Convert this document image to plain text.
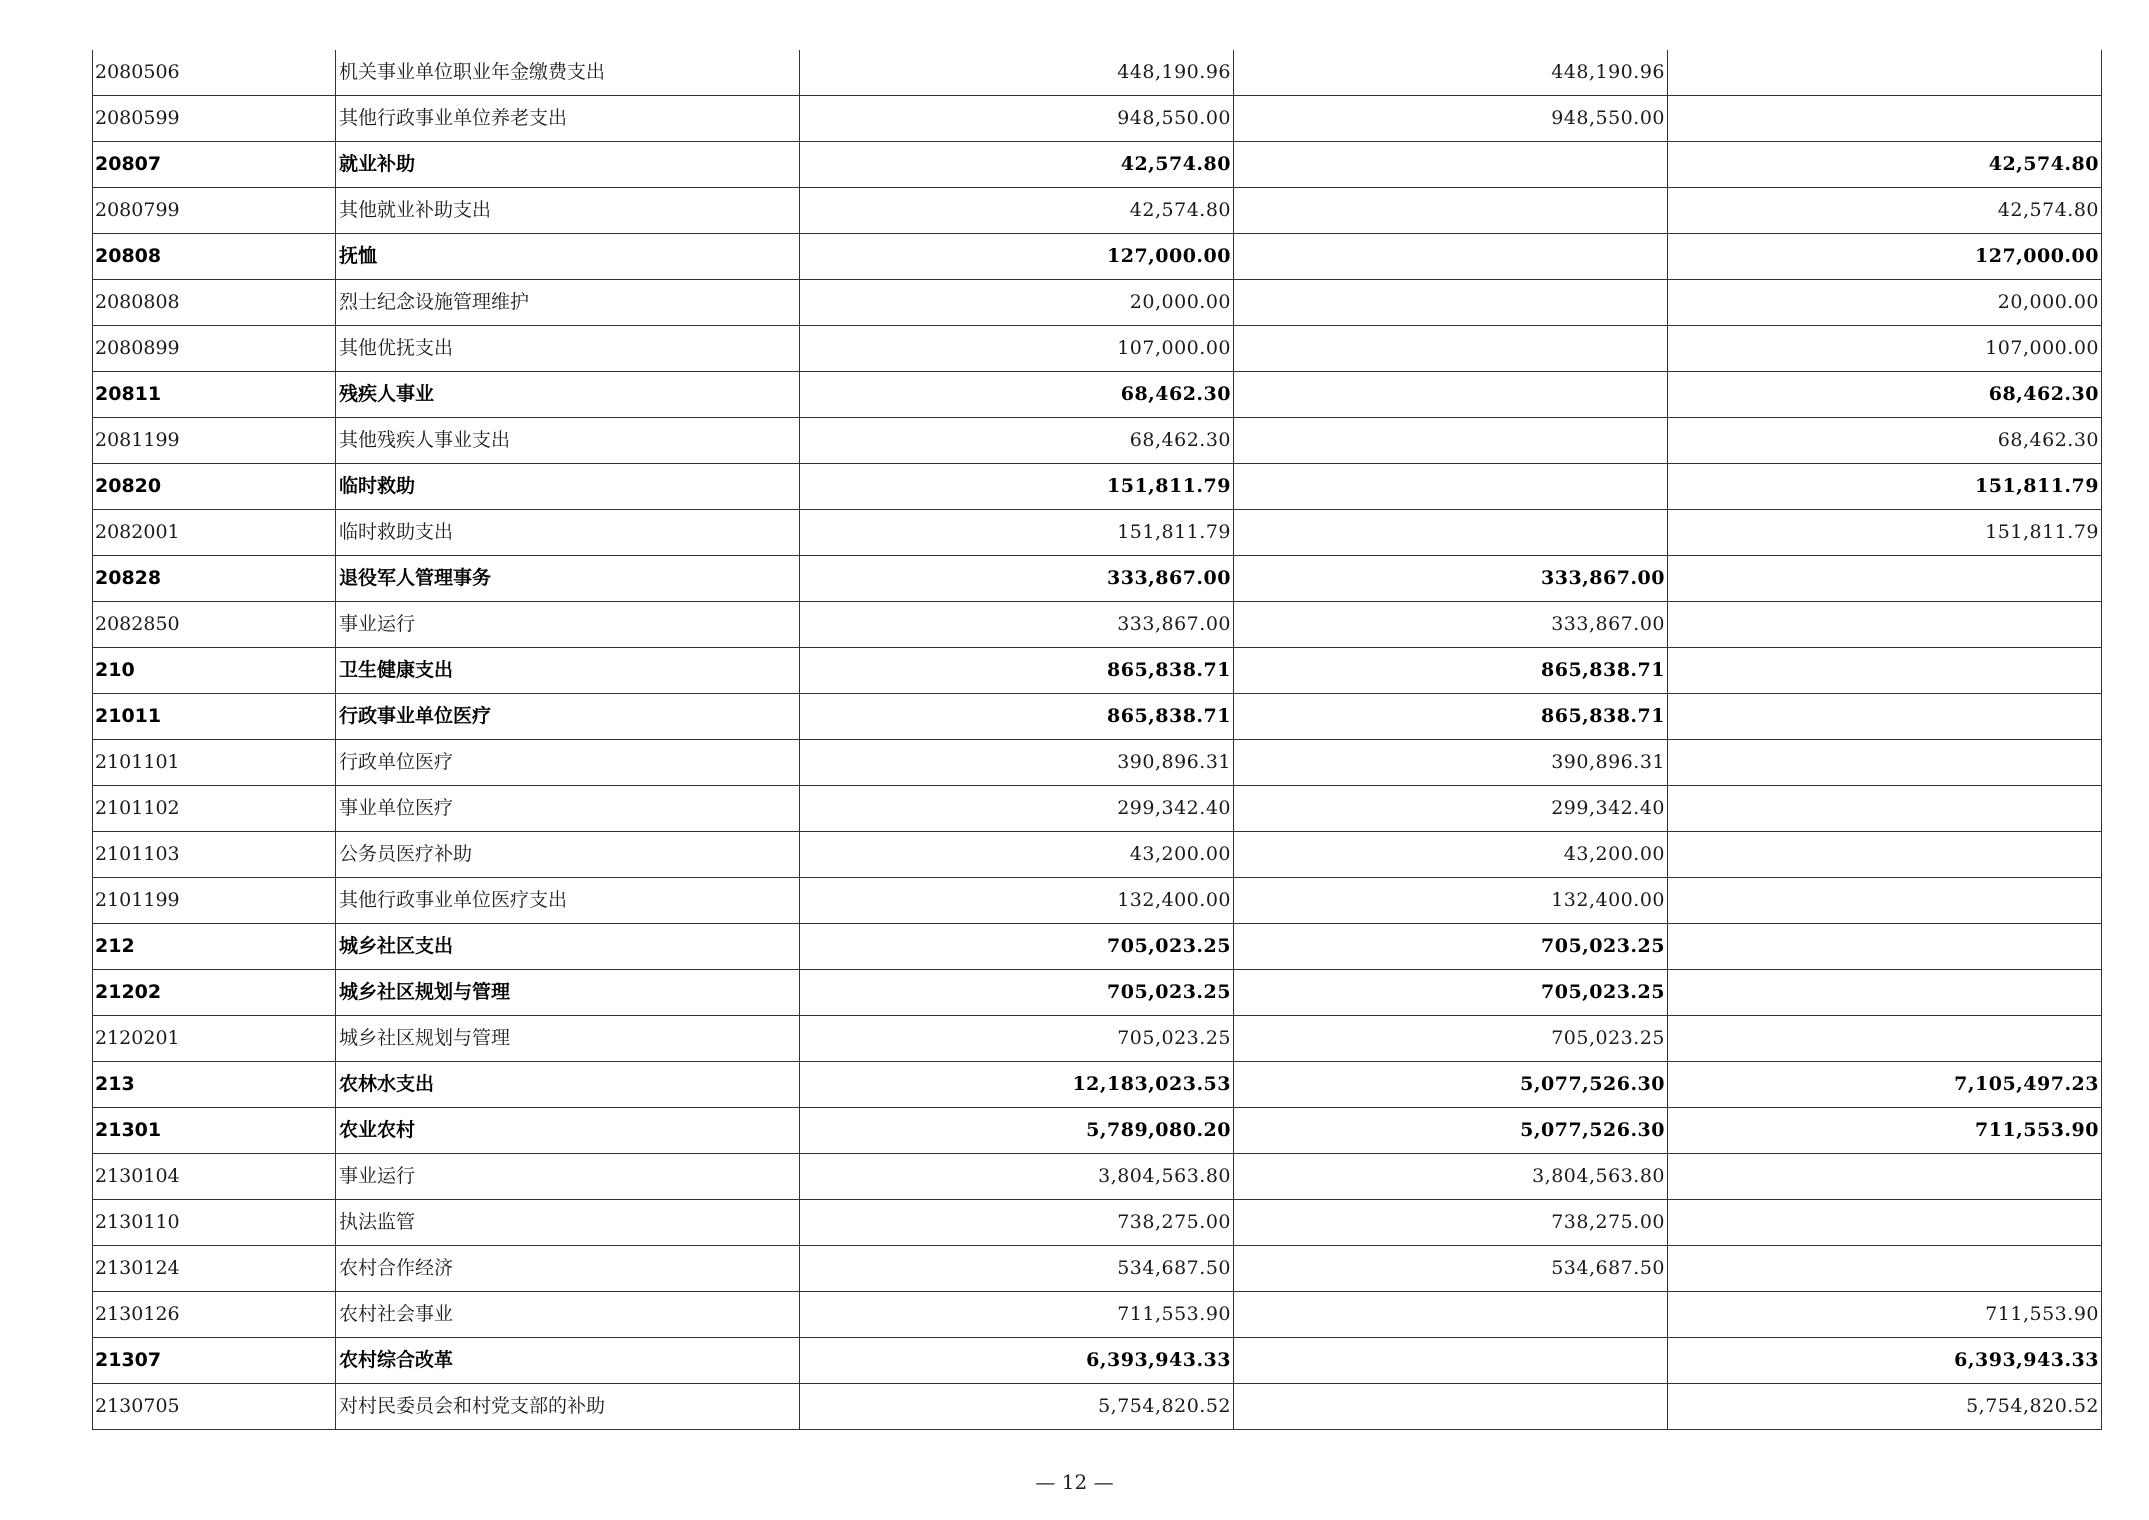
2080506	机关事业单位职业年金缴费支出	448,190.96	448,190.96	
2080599	其他行政事业单位养老支出	948,550.00	948,550.00	
20807	就业补助	42,574.80		42,574.80
2080799	其他就业补助支出	42,574.80		42,574.80
20808	抚恤	127,000.00		127,000.00
2080808	烈士纪念设施管理维护	20,000.00		20,000.00
2080899	其他优抚支出	107,000.00		107,000.00
20811	残疾人事业	68,462.30		68,462.30
2081199	其他残疾人事业支出	68,462.30		68,462.30
20820	临时救助	151,811.79		151,811.79
2082001	临时救助支出	151,811.79		151,811.79
20828	退役军人管理事务	333,867.00	333,867.00	
2082850	事业运行	333,867.00	333,867.00	
210	卫生健康支出	865,838.71	865,838.71	
21011	行政事业单位医疗	865,838.71	865,838.71	
2101101	行政单位医疗	390,896.31	390,896.31	
2101102	事业单位医疗	299,342.40	299,342.40	
2101103	公务员医疗补助	43,200.00	43,200.00	
2101199	其他行政事业单位医疗支出	132,400.00	132,400.00	
212	城乡社区支出	705,023.25	705,023.25	
21202	城乡社区规划与管理	705,023.25	705,023.25	
2120201	城乡社区规划与管理	705,023.25	705,023.25	
213	农林水支出	12,183,023.53	5,077,526.30	7,105,497.23
21301	农业农村	5,789,080.20	5,077,526.30	711,553.90
2130104	事业运行	3,804,563.80	3,804,563.80	
2130110	执法监管	738,275.00	738,275.00	
2130124	农村合作经济	534,687.50	534,687.50	
2130126	农村社会事业	711,553.90		711,553.90
21307	农村综合改革	6,393,943.33		6,393,943.33
2130705	对村民委员会和村党支部的补助	5,754,820.52		5,754,820.52
— 12 —
